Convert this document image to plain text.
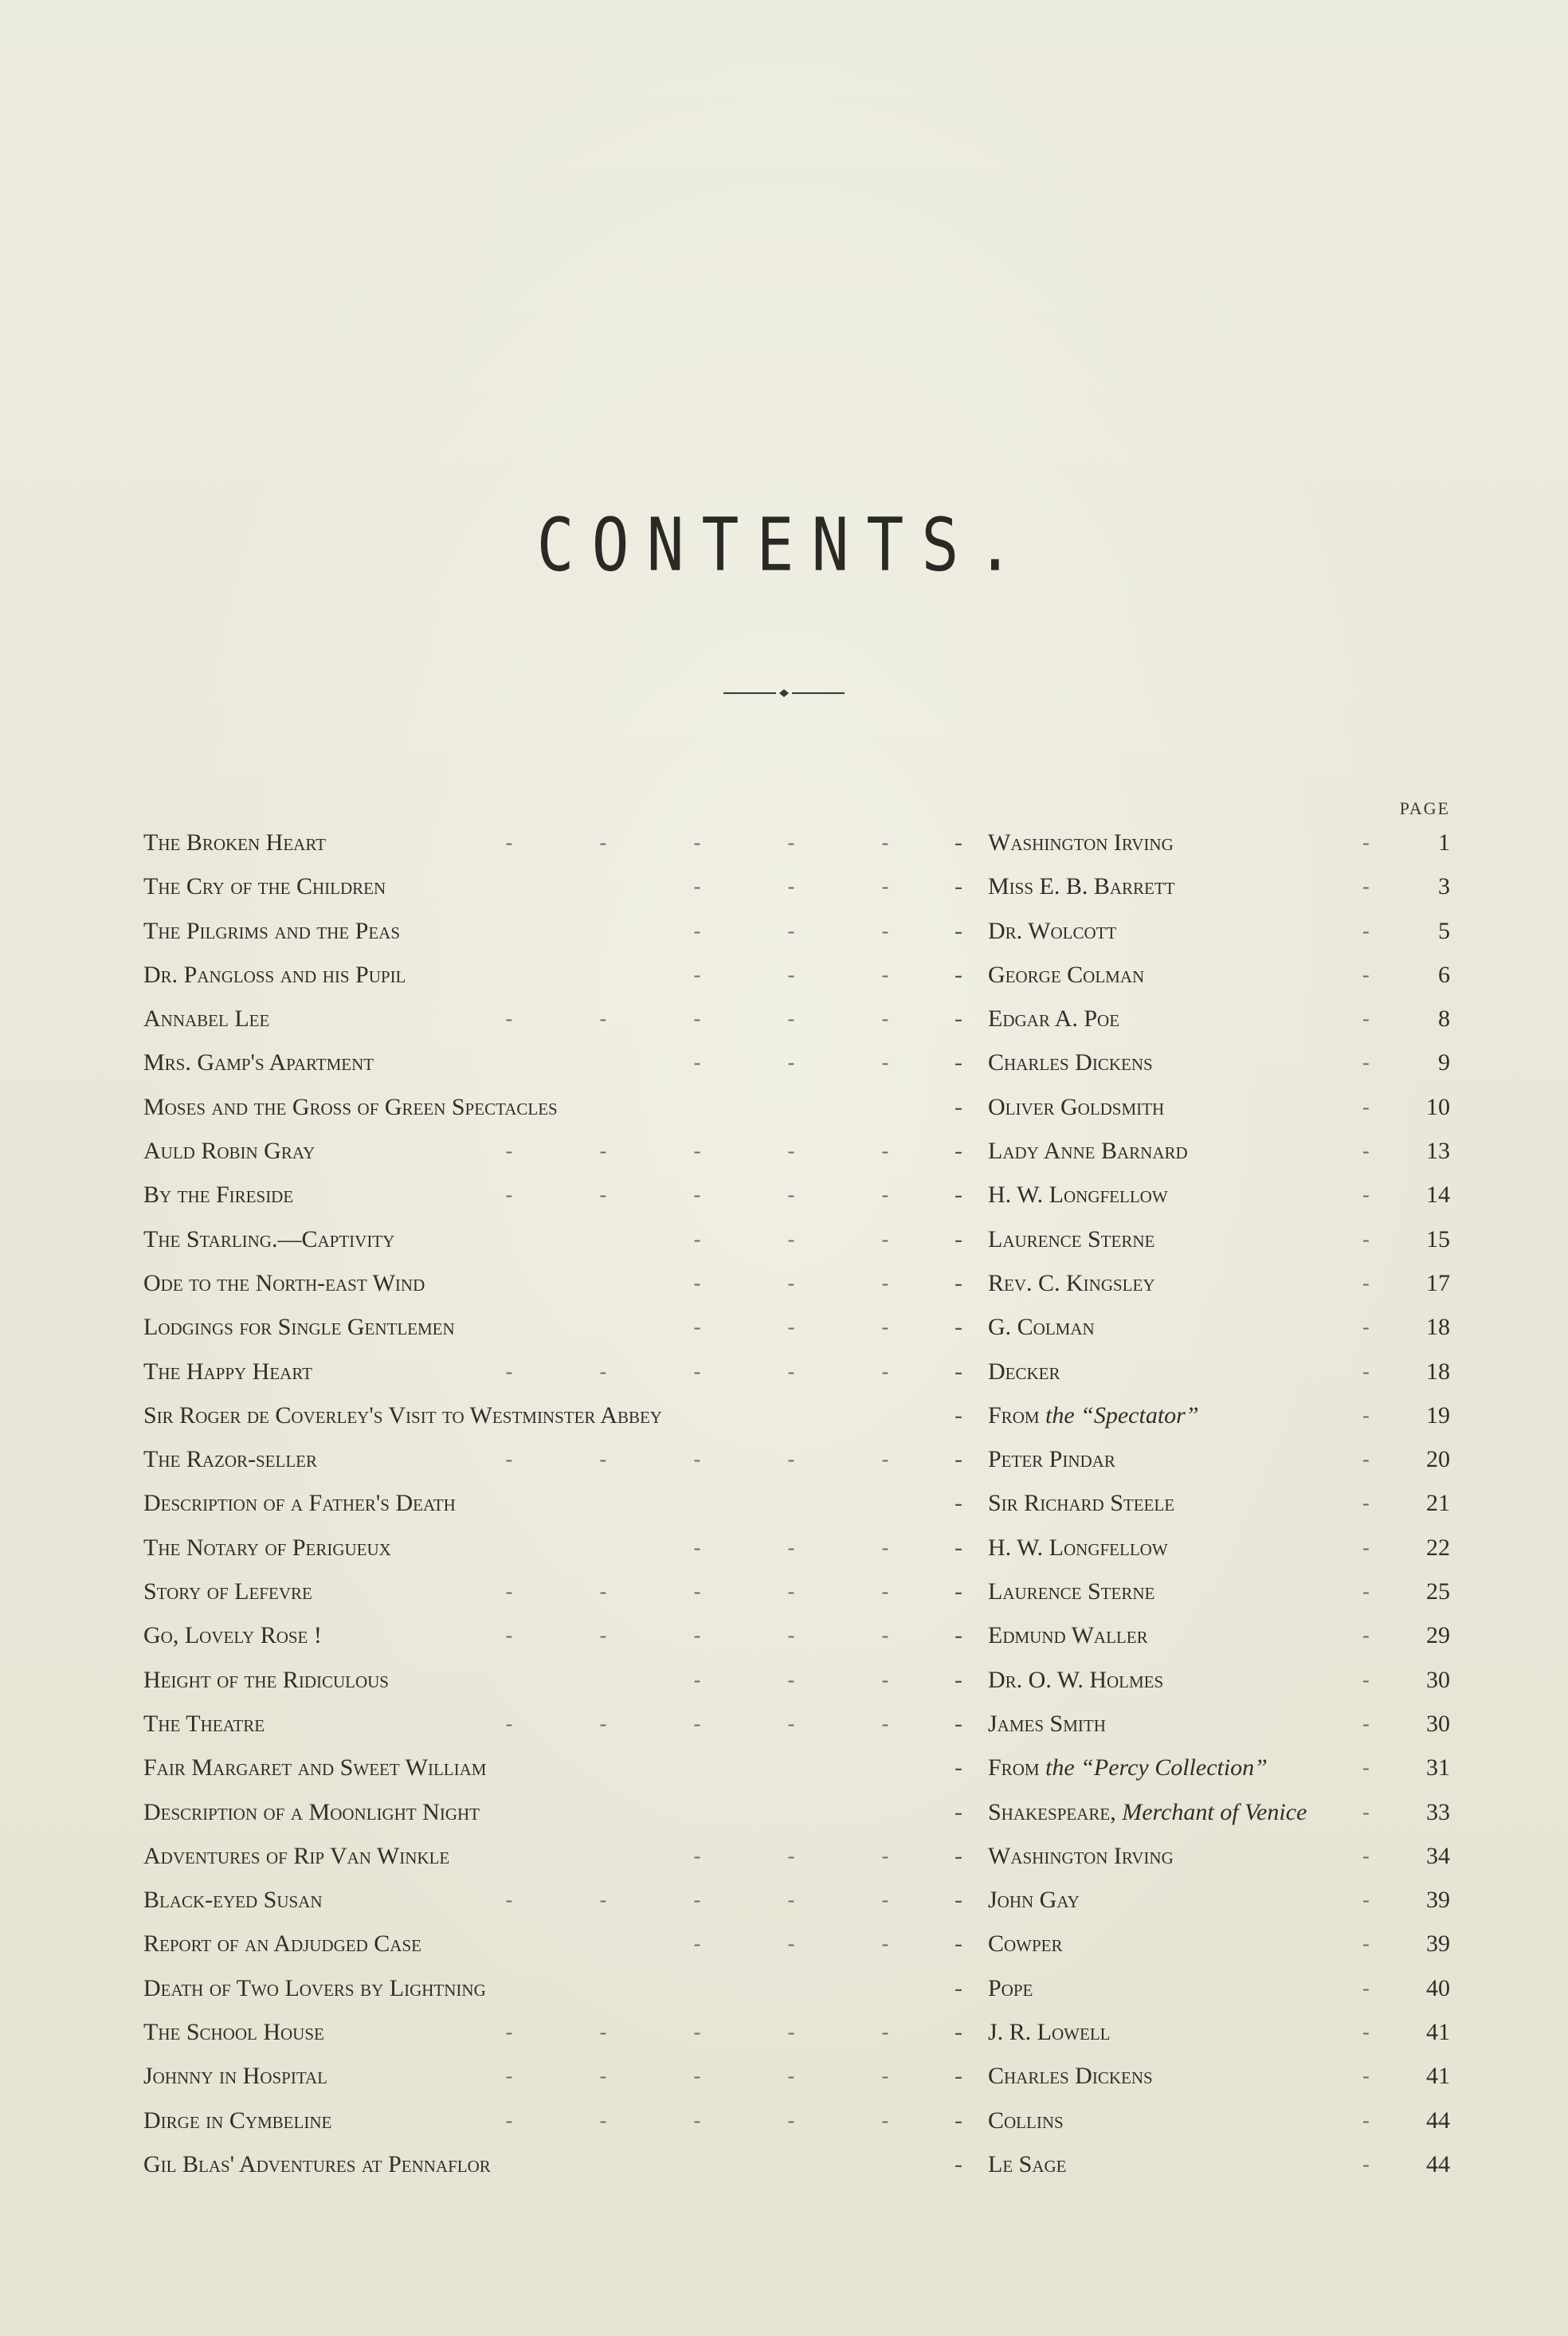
CONTENTS.
PAGE
The Broken Heart	-	-	-	-	-	-	Washington Irving	-	1
The Cry of the Children	-	-	-	-	Miss E. B. Barrett	-	3
The Pilgrims and the Peas	-	-	-	-	Dr. Wolcott	-	5
Dr. Pangloss and his Pupil	-	-	-	-	George Colman	-	6
Annabel Lee	-	-	-	-	-	-	Edgar A. Poe	-	8
Mrs. Gamp's Apartment	-	-	-	-	Charles Dickens	-	9
Moses and the Gross of Green Spectacles	-	Oliver Goldsmith	-	10
Auld Robin Gray	-	-	-	-	-	-	Lady Anne Barnard	-	13
By the Fireside	-	-	-	-	-	-	H. W. Longfellow	-	14
The Starling.—Captivity	-	-	-	-	Laurence Sterne	-	15
Ode to the North-east Wind	-	-	-	-	Rev. C. Kingsley	-	17
Lodgings for Single Gentlemen	-	-	-	-	G. Colman	-	18
The Happy Heart	-	-	-	-	-	-	Decker	-	18
Sir Roger de Coverley's Visit to Westminster Abbey	-	From the “Spectator”	-	19
The Razor-seller	-	-	-	-	-	-	Peter Pindar	-	20
Description of a Father's Death	-	Sir Richard Steele	-	21
The Notary of Perigueux	-	-	-	-	H. W. Longfellow	-	22
Story of Lefevre	-	-	-	-	-	-	Laurence Sterne	-	25
Go, Lovely Rose !	-	-	-	-	-	-	Edmund Waller	-	29
Height of the Ridiculous	-	-	-	-	Dr. O. W. Holmes	-	30
The Theatre	-	-	-	-	-	-	James Smith	-	30
Fair Margaret and Sweet William	-	From the “Percy Collection”	-	31
Description of a Moonlight Night	-	Shakespeare, Merchant of Venice	-	33
Adventures of Rip Van Winkle	-	-	-	-	Washington Irving	-	34
Black-eyed Susan	-	-	-	-	-	-	John Gay	-	39
Report of an Adjudged Case	-	-	-	-	Cowper	-	39
Death of Two Lovers by Lightning	-	Pope	-	40
The School House	-	-	-	-	-	-	J. R. Lowell	-	41
Johnny in Hospital	-	-	-	-	-	-	Charles Dickens	-	41
Dirge in Cymbeline	-	-	-	-	-	-	Collins	-	44
Gil Blas' Adventures at Pennaflor	-	Le Sage	-	44
